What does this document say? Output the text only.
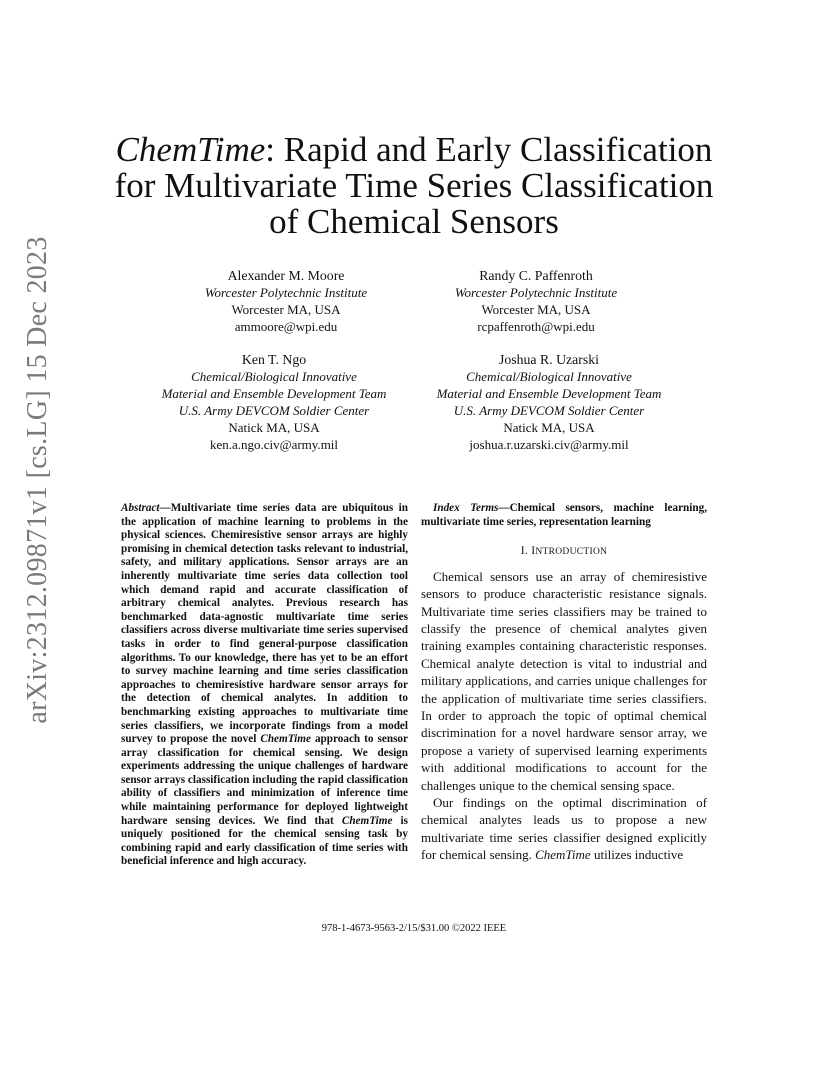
arXiv:2312.09871v1 [cs.LG] 15 Dec 2023
ChemTime: Rapid and Early Classification
for Multivariate Time Series Classification
of Chemical Sensors
Alexander M. Moore
Worcester Polytechnic Institute
Worcester MA, USA
ammoore@wpi.edu
Randy C. Paffenroth
Worcester Polytechnic Institute
Worcester MA, USA
rcpaffenroth@wpi.edu
Ken T. Ngo
Chemical/Biological Innovative
Material and Ensemble Development Team
U.S. Army DEVCOM Soldier Center
Natick MA, USA
ken.a.ngo.civ@army.mil
Joshua R. Uzarski
Chemical/Biological Innovative
Material and Ensemble Development Team
U.S. Army DEVCOM Soldier Center
Natick MA, USA
joshua.r.uzarski.civ@army.mil

Abstract—Multivariate time series data are ubiquitous in the application of machine learning to problems in the physical sciences. Chemiresistive sensor arrays are highly promising in chemical detection tasks relevant to industrial, safety, and military applications. Sensor arrays are an inherently multivariate time series data collection tool which demand rapid and accurate classification of arbitrary chemical analytes. Previous research has benchmarked data-agnostic multivariate time series classifiers across diverse multivariate time series supervised tasks in order to find general-purpose classification algorithms. To our knowledge, there has yet to be an effort to survey machine learning and time series classification approaches to chemiresistive hardware sensor arrays for the detection of chemical analytes. In addition to benchmarking existing approaches to multivariate time series classifiers, we incorporate findings from a model survey to propose the novel ChemTime approach to sensor array classification for chemical sensing. We design experiments addressing the unique challenges of hardware sensor arrays classification including the rapid classification ability of classifiers and minimization of inference time while maintaining performance for deployed lightweight hardware sensing devices. We find that ChemTime is uniquely positioned for the chemical sensing task by combining rapid and early classification of time series with beneficial inference and high accuracy.

Index Terms—Chemical sensors, machine learning, multivariate time series, representation learning

I. INTRODUCTION

Chemical sensors use an array of chemiresistive sensors to produce characteristic resistance signals. Multivariate time series classifiers may be trained to classify the presence of chemical analytes given training examples containing characteristic responses. Chemical analyte detection is vital to industrial and military applications, and carries unique challenges for the application of multivariate time series classifiers. In order to approach the topic of optimal chemical discrimination for a novel hardware sensor array, we propose a variety of supervised learning experiments with additional modifications to account for the challenges unique to the chemical sensing space.

Our findings on the optimal discrimination of chemical analytes leads us to propose a new multivariate time series classifier designed explicitly for chemical sensing. ChemTime utilizes inductive

978-1-4673-9563-2/15/$31.00 ©2022 IEEE
